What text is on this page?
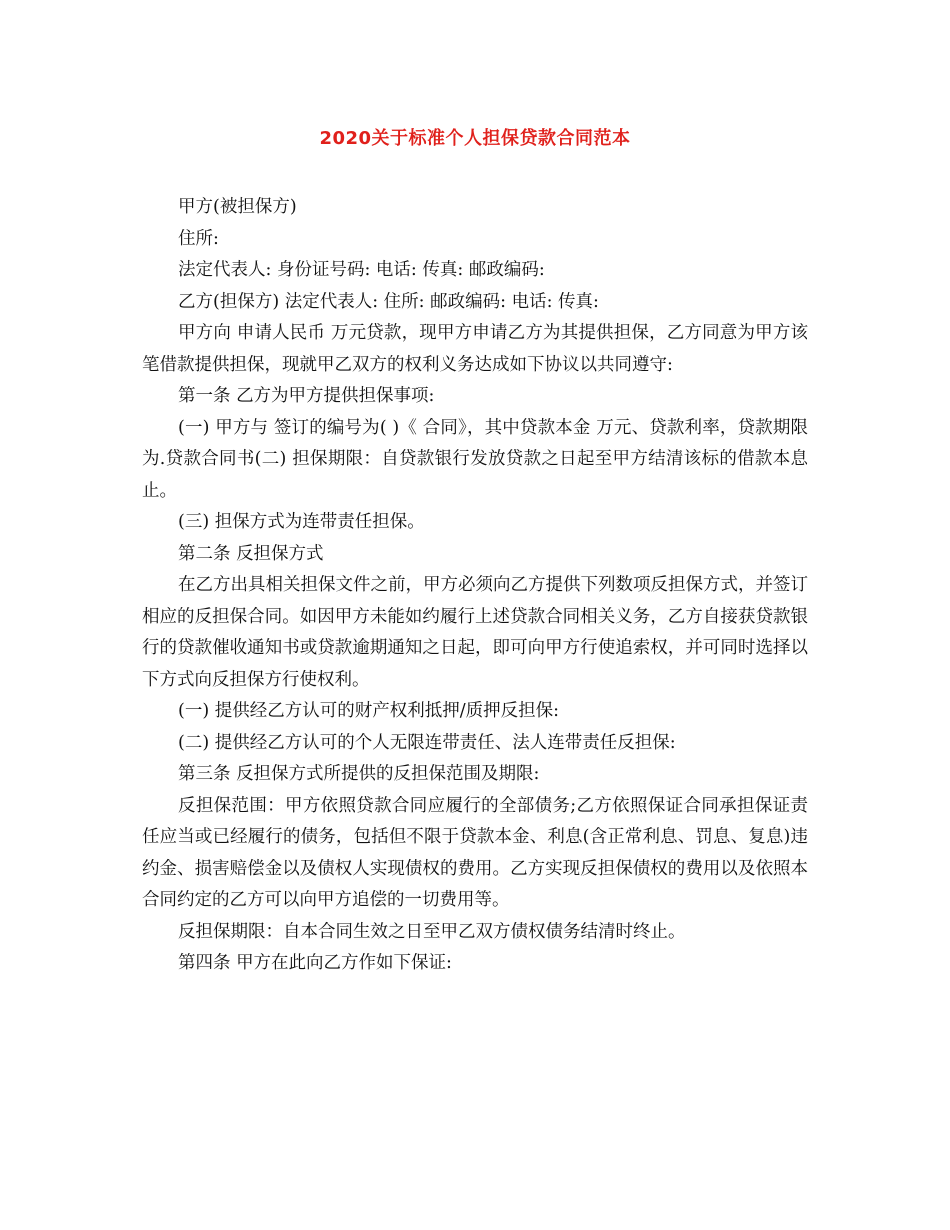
2020关于标准个人担保贷款合同范本

甲方(被担保方)

住所:

法定代表人: 身份证号码: 电话: 传真: 邮政编码:

乙方(担保方) 法定代表人: 住所: 邮政编码: 电话: 传真:

甲方向 申请人民币 万元贷款，现甲方申请乙方为其提供担保，乙方同意为甲方该笔借款提供担保，现就甲乙双方的权利义务达成如下协议以共同遵守:

第一条 乙方为甲方提供担保事项:

(一) 甲方与 签订的编号为( )《 合同》，其中贷款本金 万元、贷款利率，贷款期限为.贷款合同书(二) 担保期限：自贷款银行发放贷款之日起至甲方结清该标的借款本息止。

(三) 担保方式为连带责任担保。

第二条 反担保方式

在乙方出具相关担保文件之前，甲方必须向乙方提供下列数项反担保方式，并签订相应的反担保合同。如因甲方未能如约履行上述贷款合同相关义务，乙方自接获贷款银行的贷款催收通知书或贷款逾期通知之日起，即可向甲方行使追索权，并可同时选择以下方式向反担保方行使权利。

(一) 提供经乙方认可的财产权利抵押/质押反担保:

(二) 提供经乙方认可的个人无限连带责任、法人连带责任反担保:

第三条 反担保方式所提供的反担保范围及期限:

反担保范围：甲方依照贷款合同应履行的全部债务;乙方依照保证合同承担保证责任应当或已经履行的债务，包括但不限于贷款本金、利息(含正常利息、罚息、复息)违约金、损害赔偿金以及债权人实现债权的费用。乙方实现反担保债权的费用以及依照本合同约定的乙方可以向甲方追偿的一切费用等。

反担保期限：自本合同生效之日至甲乙双方债权债务结清时终止。

第四条 甲方在此向乙方作如下保证:
